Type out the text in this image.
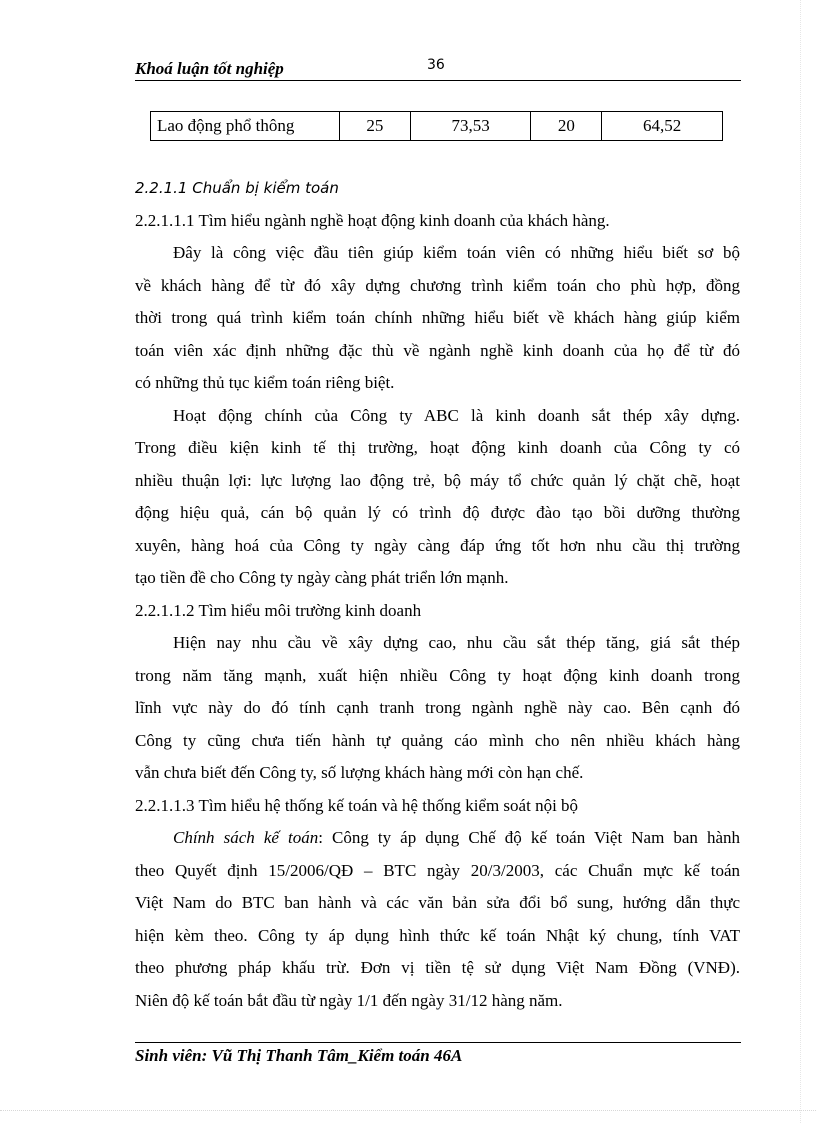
Khoá luận tốt nghiệp	36
Lao động phổ thông	25	73,53	20	64,52
2.2.1.1 Chuẩn bị kiểm toán
2.2.1.1.1 Tìm hiểu ngành nghề hoạt động kinh doanh của khách hàng.
Đây là công việc đầu tiên giúp kiểm toán viên có những hiểu biết sơ bộ
về khách hàng để từ đó xây dựng chương trình kiểm toán cho phù hợp, đồng
thời trong quá trình kiểm toán chính những hiểu biết về khách hàng giúp kiểm
toán viên xác định những đặc thù về ngành nghề kinh doanh của họ để từ đó
có những thủ tục kiểm toán riêng biệt.
Hoạt động chính của Công ty ABC là kinh doanh sắt thép xây dựng.
Trong điều kiện kinh tế thị trường, hoạt động kinh doanh của Công ty có
nhiều thuận lợi: lực lượng lao động trẻ, bộ máy tổ chức quản lý chặt chẽ, hoạt
động hiệu quả, cán bộ quản lý có trình độ được đào tạo bồi dưỡng thường
xuyên, hàng hoá của Công ty ngày càng đáp ứng tốt hơn nhu cầu thị trường
tạo tiền đề cho Công ty ngày càng phát triển lớn mạnh.
2.2.1.1.2 Tìm hiểu môi trường kinh doanh
Hiện nay nhu cầu về xây dựng cao, nhu cầu sắt thép tăng, giá sắt thép
trong năm tăng mạnh, xuất hiện nhiều Công ty hoạt động kinh doanh trong
lĩnh vực này do đó tính cạnh tranh trong ngành nghề này cao. Bên cạnh đó
Công ty cũng chưa tiến hành tự quảng cáo mình cho nên nhiều khách hàng
vẫn chưa biết đến Công ty, số lượng khách hàng mới còn hạn chế.
2.2.1.1.3 Tìm hiểu hệ thống kế toán và hệ thống kiểm soát nội bộ
Chính sách kế toán: Công ty áp dụng Chế độ kế toán Việt Nam ban hành
theo Quyết định 15/2006/QĐ – BTC ngày 20/3/2003, các Chuẩn mực kế toán
Việt Nam do BTC ban hành và các văn bản sửa đổi bổ sung, hướng dẫn thực
hiện kèm theo. Công ty áp dụng hình thức kế toán Nhật ký chung, tính VAT
theo phương pháp khấu trừ. Đơn vị tiền tệ sử dụng Việt Nam Đồng (VNĐ).
Niên độ kế toán bắt đầu từ ngày 1/1 đến ngày 31/12 hàng năm.
Sinh viên: Vũ Thị Thanh Tâm_Kiểm toán 46A
